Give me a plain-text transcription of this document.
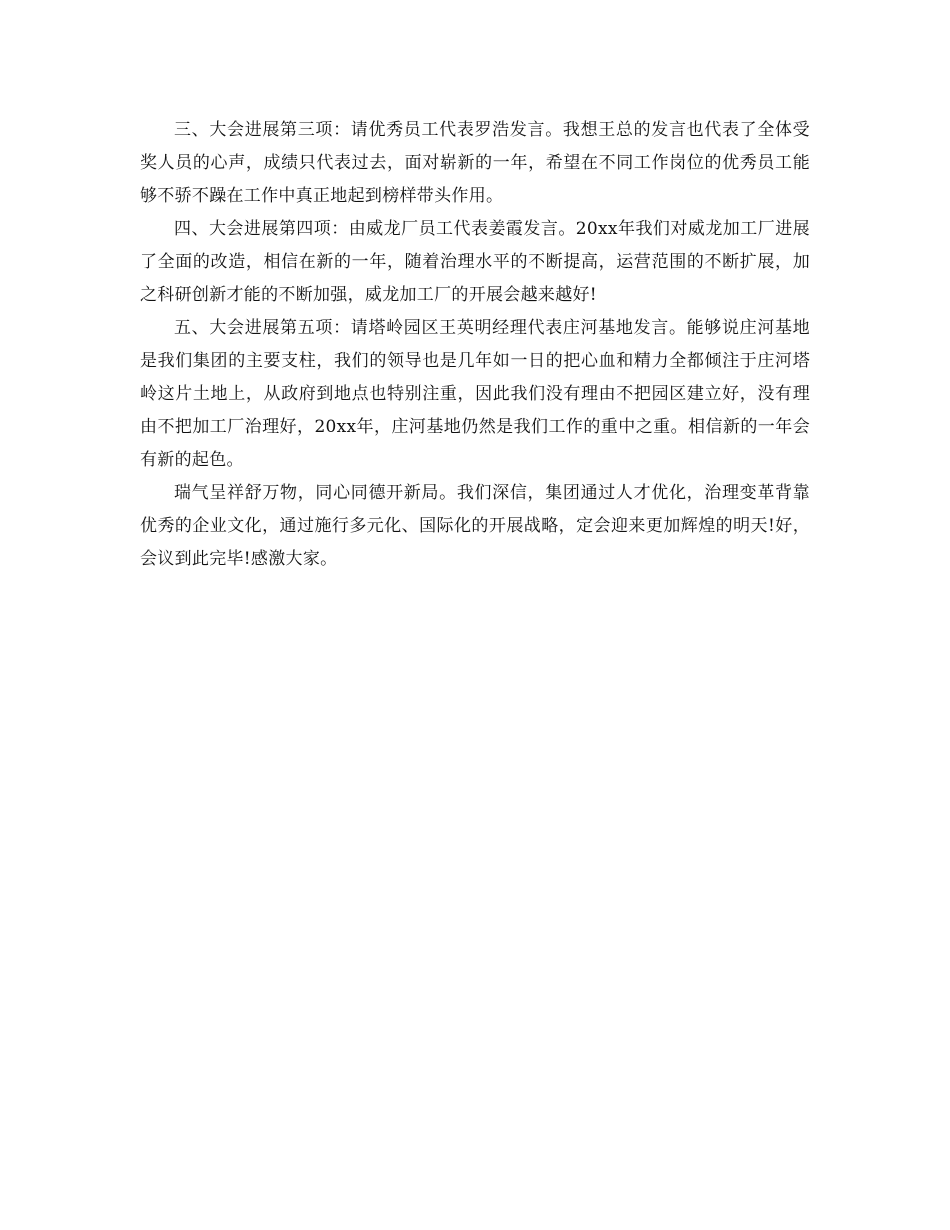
三、大会进展第三项：请优秀员工代表罗浩发言。我想王总的发言也代表了全体受奖人员的心声，成绩只代表过去，面对崭新的一年，希望在不同工作岗位的优秀员工能够不骄不躁在工作中真正地起到榜样带头作用。

四、大会进展第四项：由威龙厂员工代表姜霞发言。20xx年我们对威龙加工厂进展了全面的改造，相信在新的一年，随着治理水平的不断提高，运营范围的不断扩展，加之科研创新才能的不断加强，威龙加工厂的开展会越来越好!

五、大会进展第五项：请塔岭园区王英明经理代表庄河基地发言。能够说庄河基地是我们集团的主要支柱，我们的领导也是几年如一日的把心血和精力全都倾注于庄河塔岭这片土地上，从政府到地点也特别注重，因此我们没有理由不把园区建立好，没有理由不把加工厂治理好，20xx年，庄河基地仍然是我们工作的重中之重。相信新的一年会有新的起色。

瑞气呈祥舒万物，同心同德开新局。我们深信，集团通过人才优化，治理变革背靠优秀的企业文化，通过施行多元化、国际化的开展战略，定会迎来更加辉煌的明天!好，会议到此完毕!感激大家。
